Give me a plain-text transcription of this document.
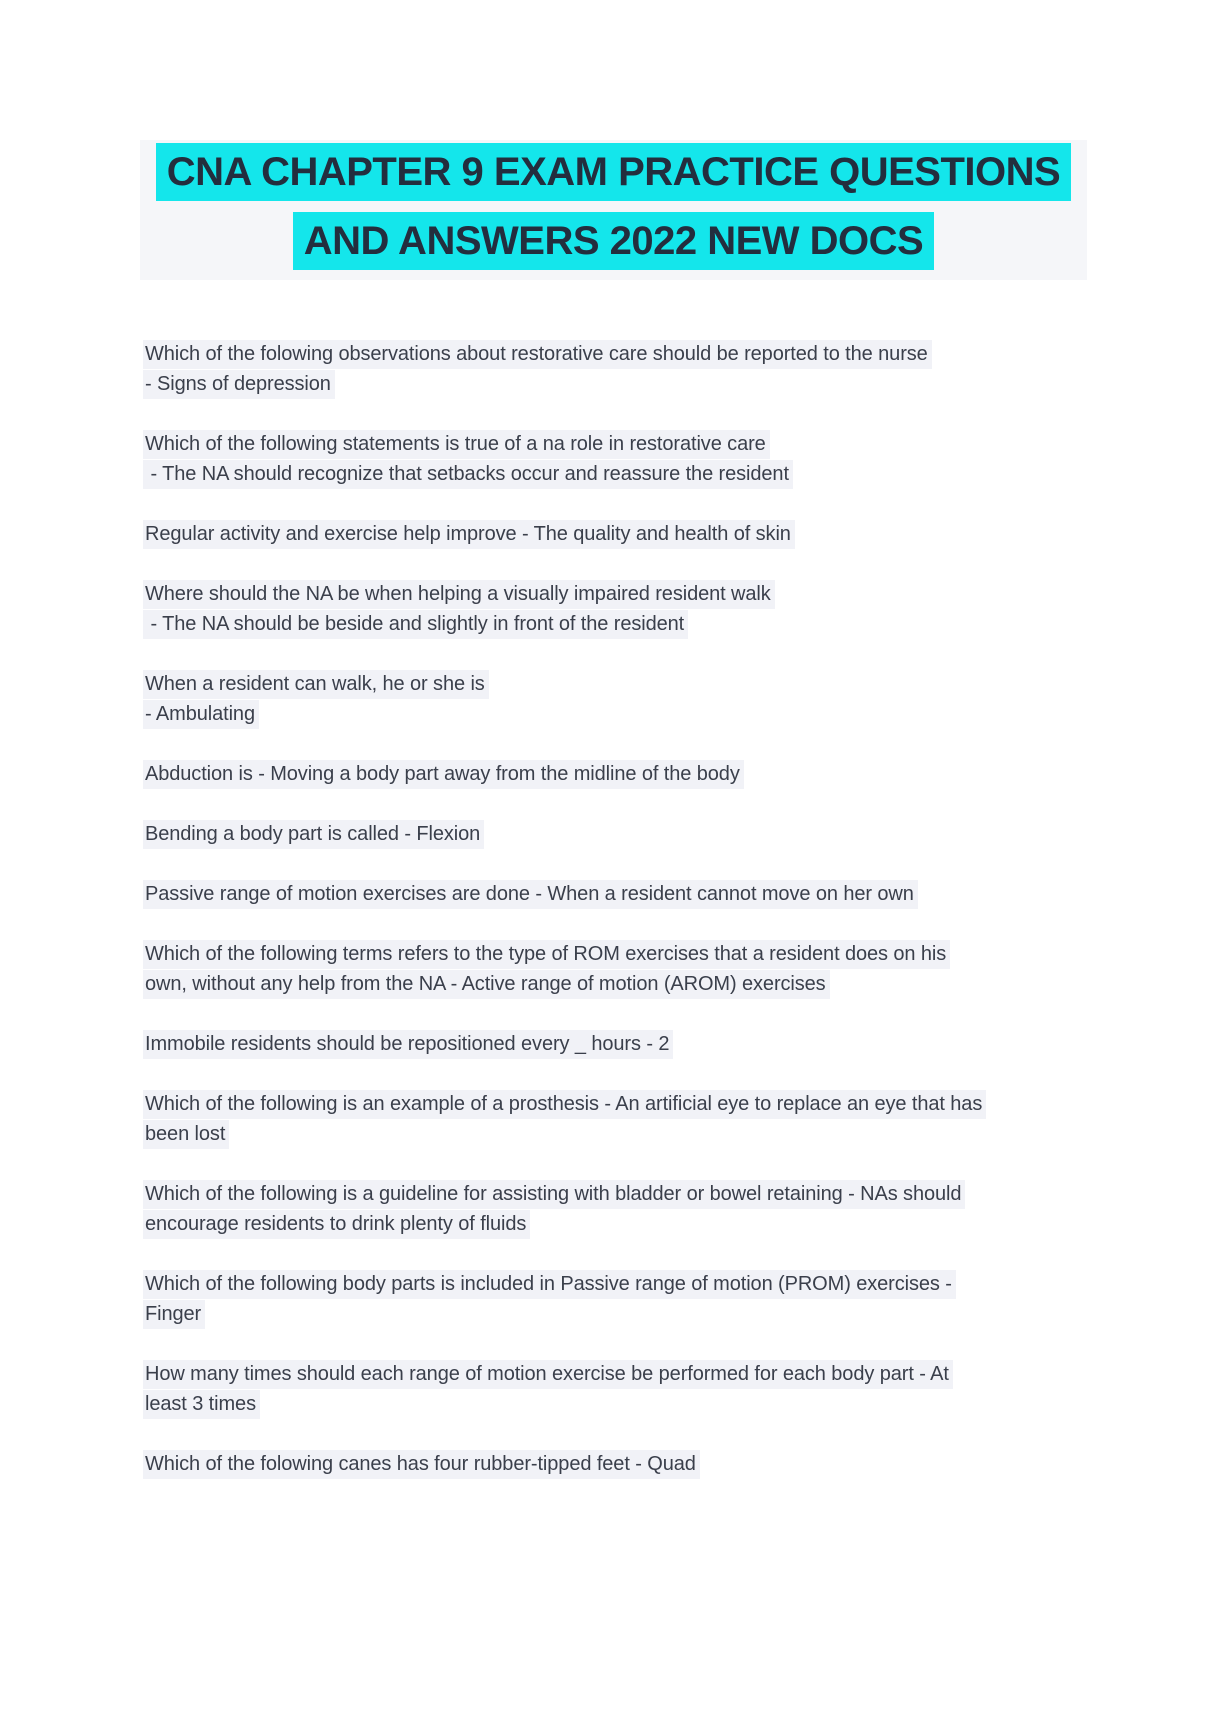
CNA CHAPTER 9 EXAM PRACTICE QUESTIONS
AND ANSWERS 2022 NEW DOCS

Which of the folowing observations about restorative care should be reported to the nurse
- Signs of depression

Which of the following statements is true of a na role in restorative care
- The NA should recognize that setbacks occur and reassure the resident

Regular activity and exercise help improve - The quality and health of skin

Where should the NA be when helping a visually impaired resident walk
- The NA should be beside and slightly in front of the resident

When a resident can walk, he or she is
- Ambulating

Abduction is - Moving a body part away from the midline of the body

Bending a body part is called - Flexion

Passive range of motion exercises are done - When a resident cannot move on her own

Which of the following terms refers to the type of ROM exercises that a resident does on his
own, without any help from the NA - Active range of motion (AROM) exercises

Immobile residents should be repositioned every _ hours - 2

Which of the following is an example of a prosthesis - An artificial eye to replace an eye that has
been lost

Which of the following is a guideline for assisting with bladder or bowel retaining - NAs should
encourage residents to drink plenty of fluids

Which of the following body parts is included in Passive range of motion (PROM) exercises -
Finger

How many times should each range of motion exercise be performed for each body part - At
least 3 times

Which of the folowing canes has four rubber-tipped feet - Quad
